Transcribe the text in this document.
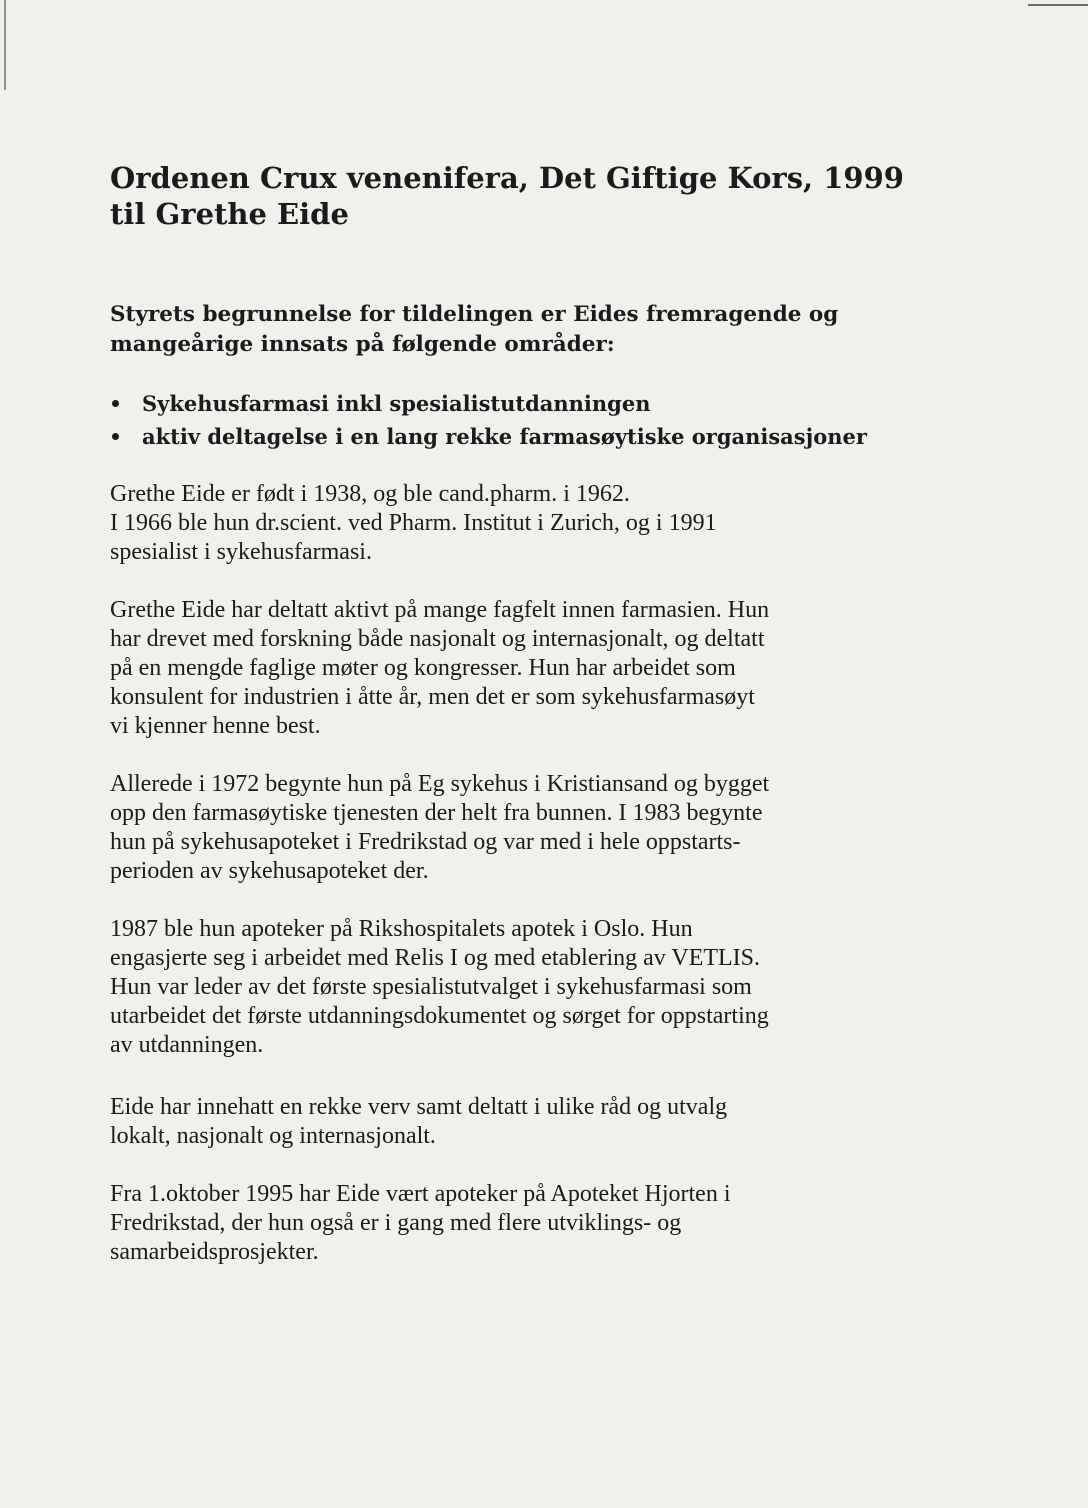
Ordenen Crux venenifera, Det Giftige Kors, 1999
til Grethe Eide

Styrets begrunnelse for tildelingen er Eides fremragende og
mangeårige innsats på følgende områder:

Sykehusfarmasi inkl spesialistutdanningen
aktiv deltagelse i en lang rekke farmasøytiske organisasjoner

Grethe Eide er født i 1938, og ble cand.pharm. i 1962.
I 1966 ble hun dr.scient. ved Pharm. Institut i Zurich, og i 1991
spesialist i sykehusfarmasi.

Grethe Eide har deltatt aktivt på mange fagfelt innen farmasien. Hun
har drevet med forskning både nasjonalt og internasjonalt, og deltatt
på en mengde faglige møter og kongresser. Hun har arbeidet som
konsulent for industrien i åtte år, men det er som sykehusfarmasøyt
vi kjenner henne best.

Allerede i 1972 begynte hun på Eg sykehus i Kristiansand og bygget
opp den farmasøytiske tjenesten der helt fra bunnen. I 1983 begynte
hun på sykehusapoteket i Fredrikstad og var med i hele oppstarts-
perioden av sykehusapoteket der.

1987 ble hun apoteker på Rikshospitalets apotek i Oslo. Hun
engasjerte seg i arbeidet med Relis I og med etablering av VETLIS.
Hun var leder av det første spesialistutvalget i sykehusfarmasi som
utarbeidet det første utdanningsdokumentet og sørget for oppstarting
av utdanningen.

Eide har innehatt en rekke verv samt deltatt i ulike råd og utvalg
lokalt, nasjonalt og internasjonalt.

Fra 1.oktober 1995 har Eide vært apoteker på Apoteket Hjorten i
Fredrikstad, der hun også er i gang med flere utviklings- og
samarbeidsprosjekter.
